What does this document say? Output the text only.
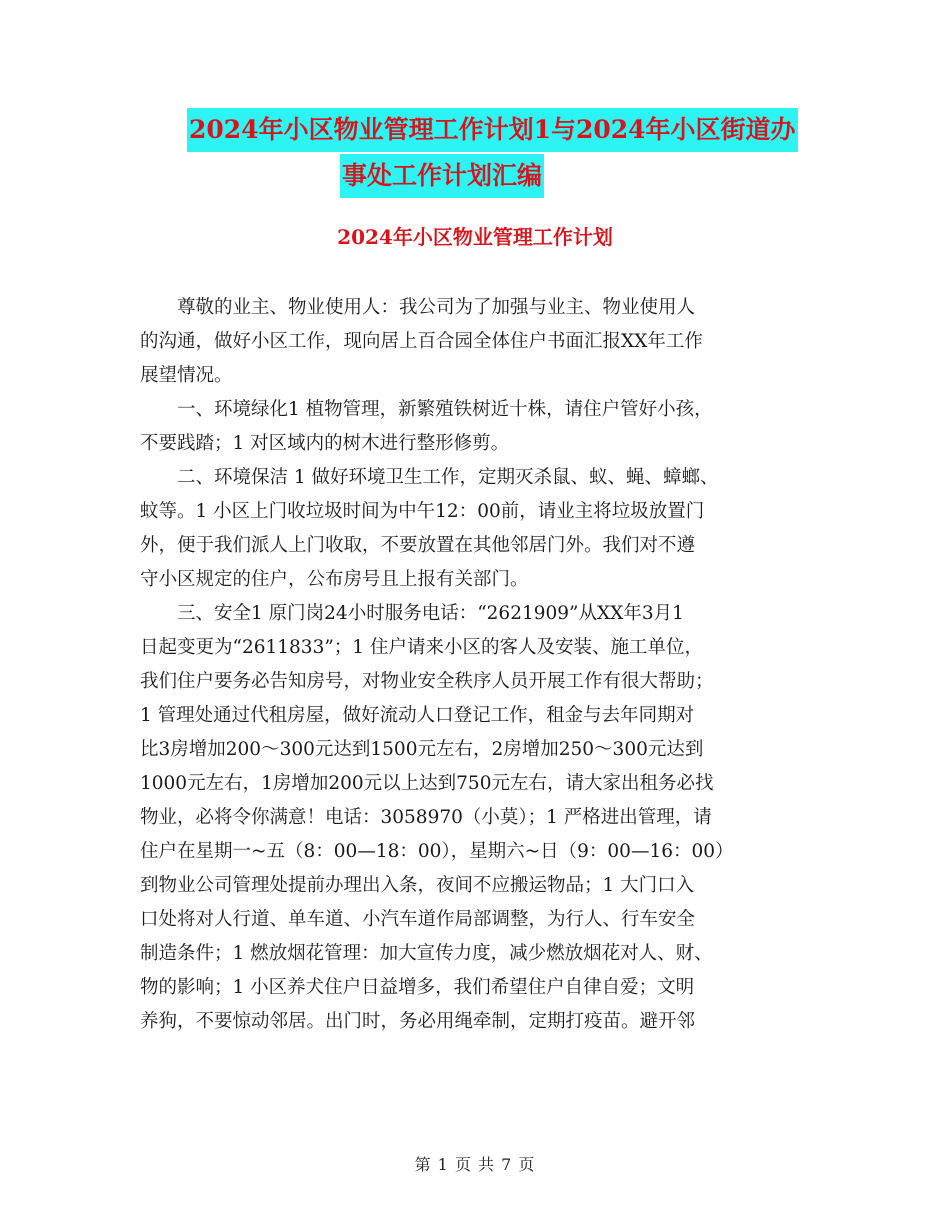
2024年小区物业管理工作计划1与2024年小区街道办
事处工作计划汇编
2024年小区物业管理工作计划
　　尊敬的业主、物业使用人：我公司为了加强与业主、物业使用人
的沟通，做好小区工作，现向居上百合园全体住户书面汇报XX年工作
展望情况。
　　一、环境绿化1 植物管理，新繁殖铁树近十株，请住户管好小孩，
不要践踏；1 对区域内的树木进行整形修剪。
　　二、环境保洁 1 做好环境卫生工作，定期灭杀鼠、蚁、蝇、蟑螂、
蚊等。1 小区上门收垃圾时间为中午12：00前，请业主将垃圾放置门
外，便于我们派人上门收取，不要放置在其他邻居门外。我们对不遵
守小区规定的住户，公布房号且上报有关部门。
　　三、安全1 原门岗24小时服务电话：“2621909”从XX年3月1
日起变更为“2611833”；1 住户请来小区的客人及安装、施工单位，
我们住户要务必告知房号，对物业安全秩序人员开展工作有很大帮助；
1 管理处通过代租房屋，做好流动人口登记工作，租金与去年同期对
比3房增加200～300元达到1500元左右，2房增加250～300元达到
1000元左右，1房增加200元以上达到750元左右，请大家出租务必找
物业，必将令你满意！电话：3058970（小莫）；1 严格进出管理，请
住户在星期一~五（8：00—18：00），星期六~日（9：00—16：00）
到物业公司管理处提前办理出入条，夜间不应搬运物品；1 大门口入
口处将对人行道、单车道、小汽车道作局部调整，为行人、行车安全
制造条件；1 燃放烟花管理：加大宣传力度，减少燃放烟花对人、财、
物的影响；1 小区养犬住户日益增多，我们希望住户自律自爱；文明
养狗，不要惊动邻居。出门时，务必用绳牵制，定期打疫苗。避开邻
第 1 页 共 7 页
